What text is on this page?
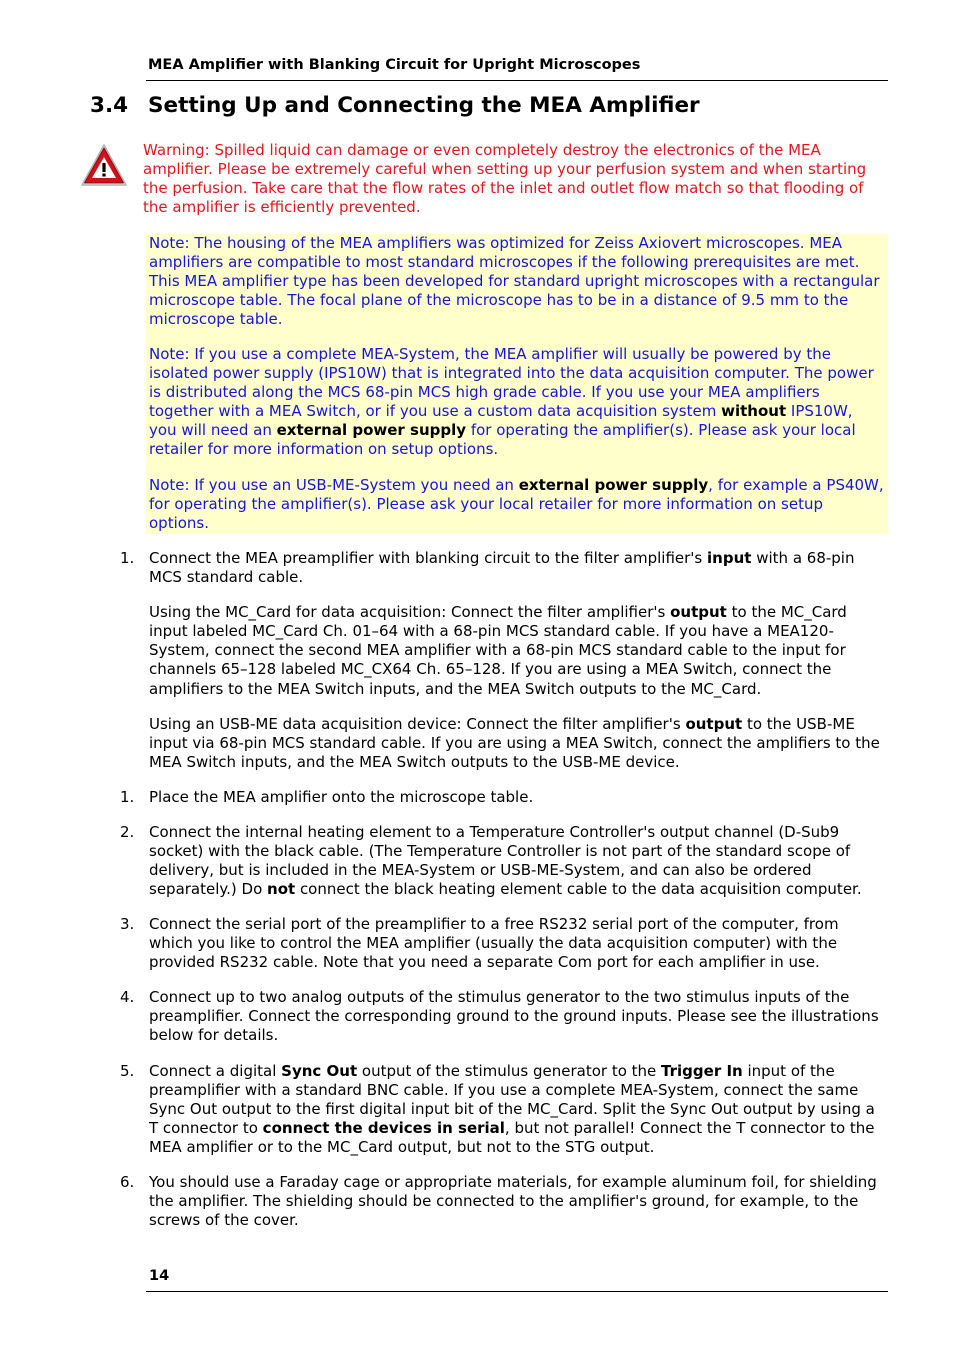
MEA Amplifier with Blanking Circuit for Upright Microscopes
3.4 Setting Up and Connecting the MEA Amplifier

Warning: Spilled liquid can damage or even completely destroy the electronics of the MEA amplifier. Please be extremely careful when setting up your perfusion system and when starting the perfusion. Take care that the flow rates of the inlet and outlet flow match so that flooding of the amplifier is efficiently prevented.

Note: The housing of the MEA amplifiers was optimized for Zeiss Axiovert microscopes. MEA amplifiers are compatible to most standard microscopes if the following prerequisites are met. This MEA amplifier type has been developed for standard upright microscopes with a rectangular microscope table. The focal plane of the microscope has to be in a distance of 9.5 mm to the microscope table.

Note: If you use a complete MEA-System, the MEA amplifier will usually be powered by the isolated power supply (IPS10W) that is integrated into the data acquisition computer. The power is distributed along the MCS 68-pin MCS high grade cable. If you use your MEA amplifiers together with a MEA Switch, or if you use a custom data acquisition system without IPS10W, you will need an external power supply for operating the amplifier(s). Please ask your local retailer for more information on setup options.

Note: If you use an USB-ME-System you need an external power supply, for example a PS40W, for operating the amplifier(s). Please ask your local retailer for more information on setup options.

1. Connect the MEA preamplifier with blanking circuit to the filter amplifier's input with a 68-pin MCS standard cable.

Using the MC_Card for data acquisition: Connect the filter amplifier's output to the MC_Card input labeled MC_Card Ch. 01–64 with a 68-pin MCS standard cable. If you have a MEA120-System, connect the second MEA amplifier with a 68-pin MCS standard cable to the input for channels 65–128 labeled MC_CX64 Ch. 65–128. If you are using a MEA Switch, connect the amplifiers to the MEA Switch inputs, and the MEA Switch outputs to the MC_Card.

Using an USB-ME data acquisition device: Connect the filter amplifier's output to the USB-ME input via 68-pin MCS standard cable. If you are using a MEA Switch, connect the amplifiers to the MEA Switch inputs, and the MEA Switch outputs to the USB-ME device.

1. Place the MEA amplifier onto the microscope table.

2. Connect the internal heating element to a Temperature Controller's output channel (D-Sub9 socket) with the black cable. (The Temperature Controller is not part of the standard scope of delivery, but is included in the MEA-System or USB-ME-System, and can also be ordered separately.) Do not connect the black heating element cable to the data acquisition computer.

3. Connect the serial port of the preamplifier to a free RS232 serial port of the computer, from which you like to control the MEA amplifier (usually the data acquisition computer) with the provided RS232 cable. Note that you need a separate Com port for each amplifier in use.

4. Connect up to two analog outputs of the stimulus generator to the two stimulus inputs of the preamplifier. Connect the corresponding ground to the ground inputs. Please see the illustrations below for details.

5. Connect a digital Sync Out output of the stimulus generator to the Trigger In input of the preamplifier with a standard BNC cable. If you use a complete MEA-System, connect the same Sync Out output to the first digital input bit of the MC_Card. Split the Sync Out output by using a T connector to connect the devices in serial, but not parallel! Connect the T connector to the MEA amplifier or to the MC_Card output, but not to the STG output.

6. You should use a Faraday cage or appropriate materials, for example aluminum foil, for shielding the amplifier. The shielding should be connected to the amplifier's ground, for example, to the screws of the cover.

14
